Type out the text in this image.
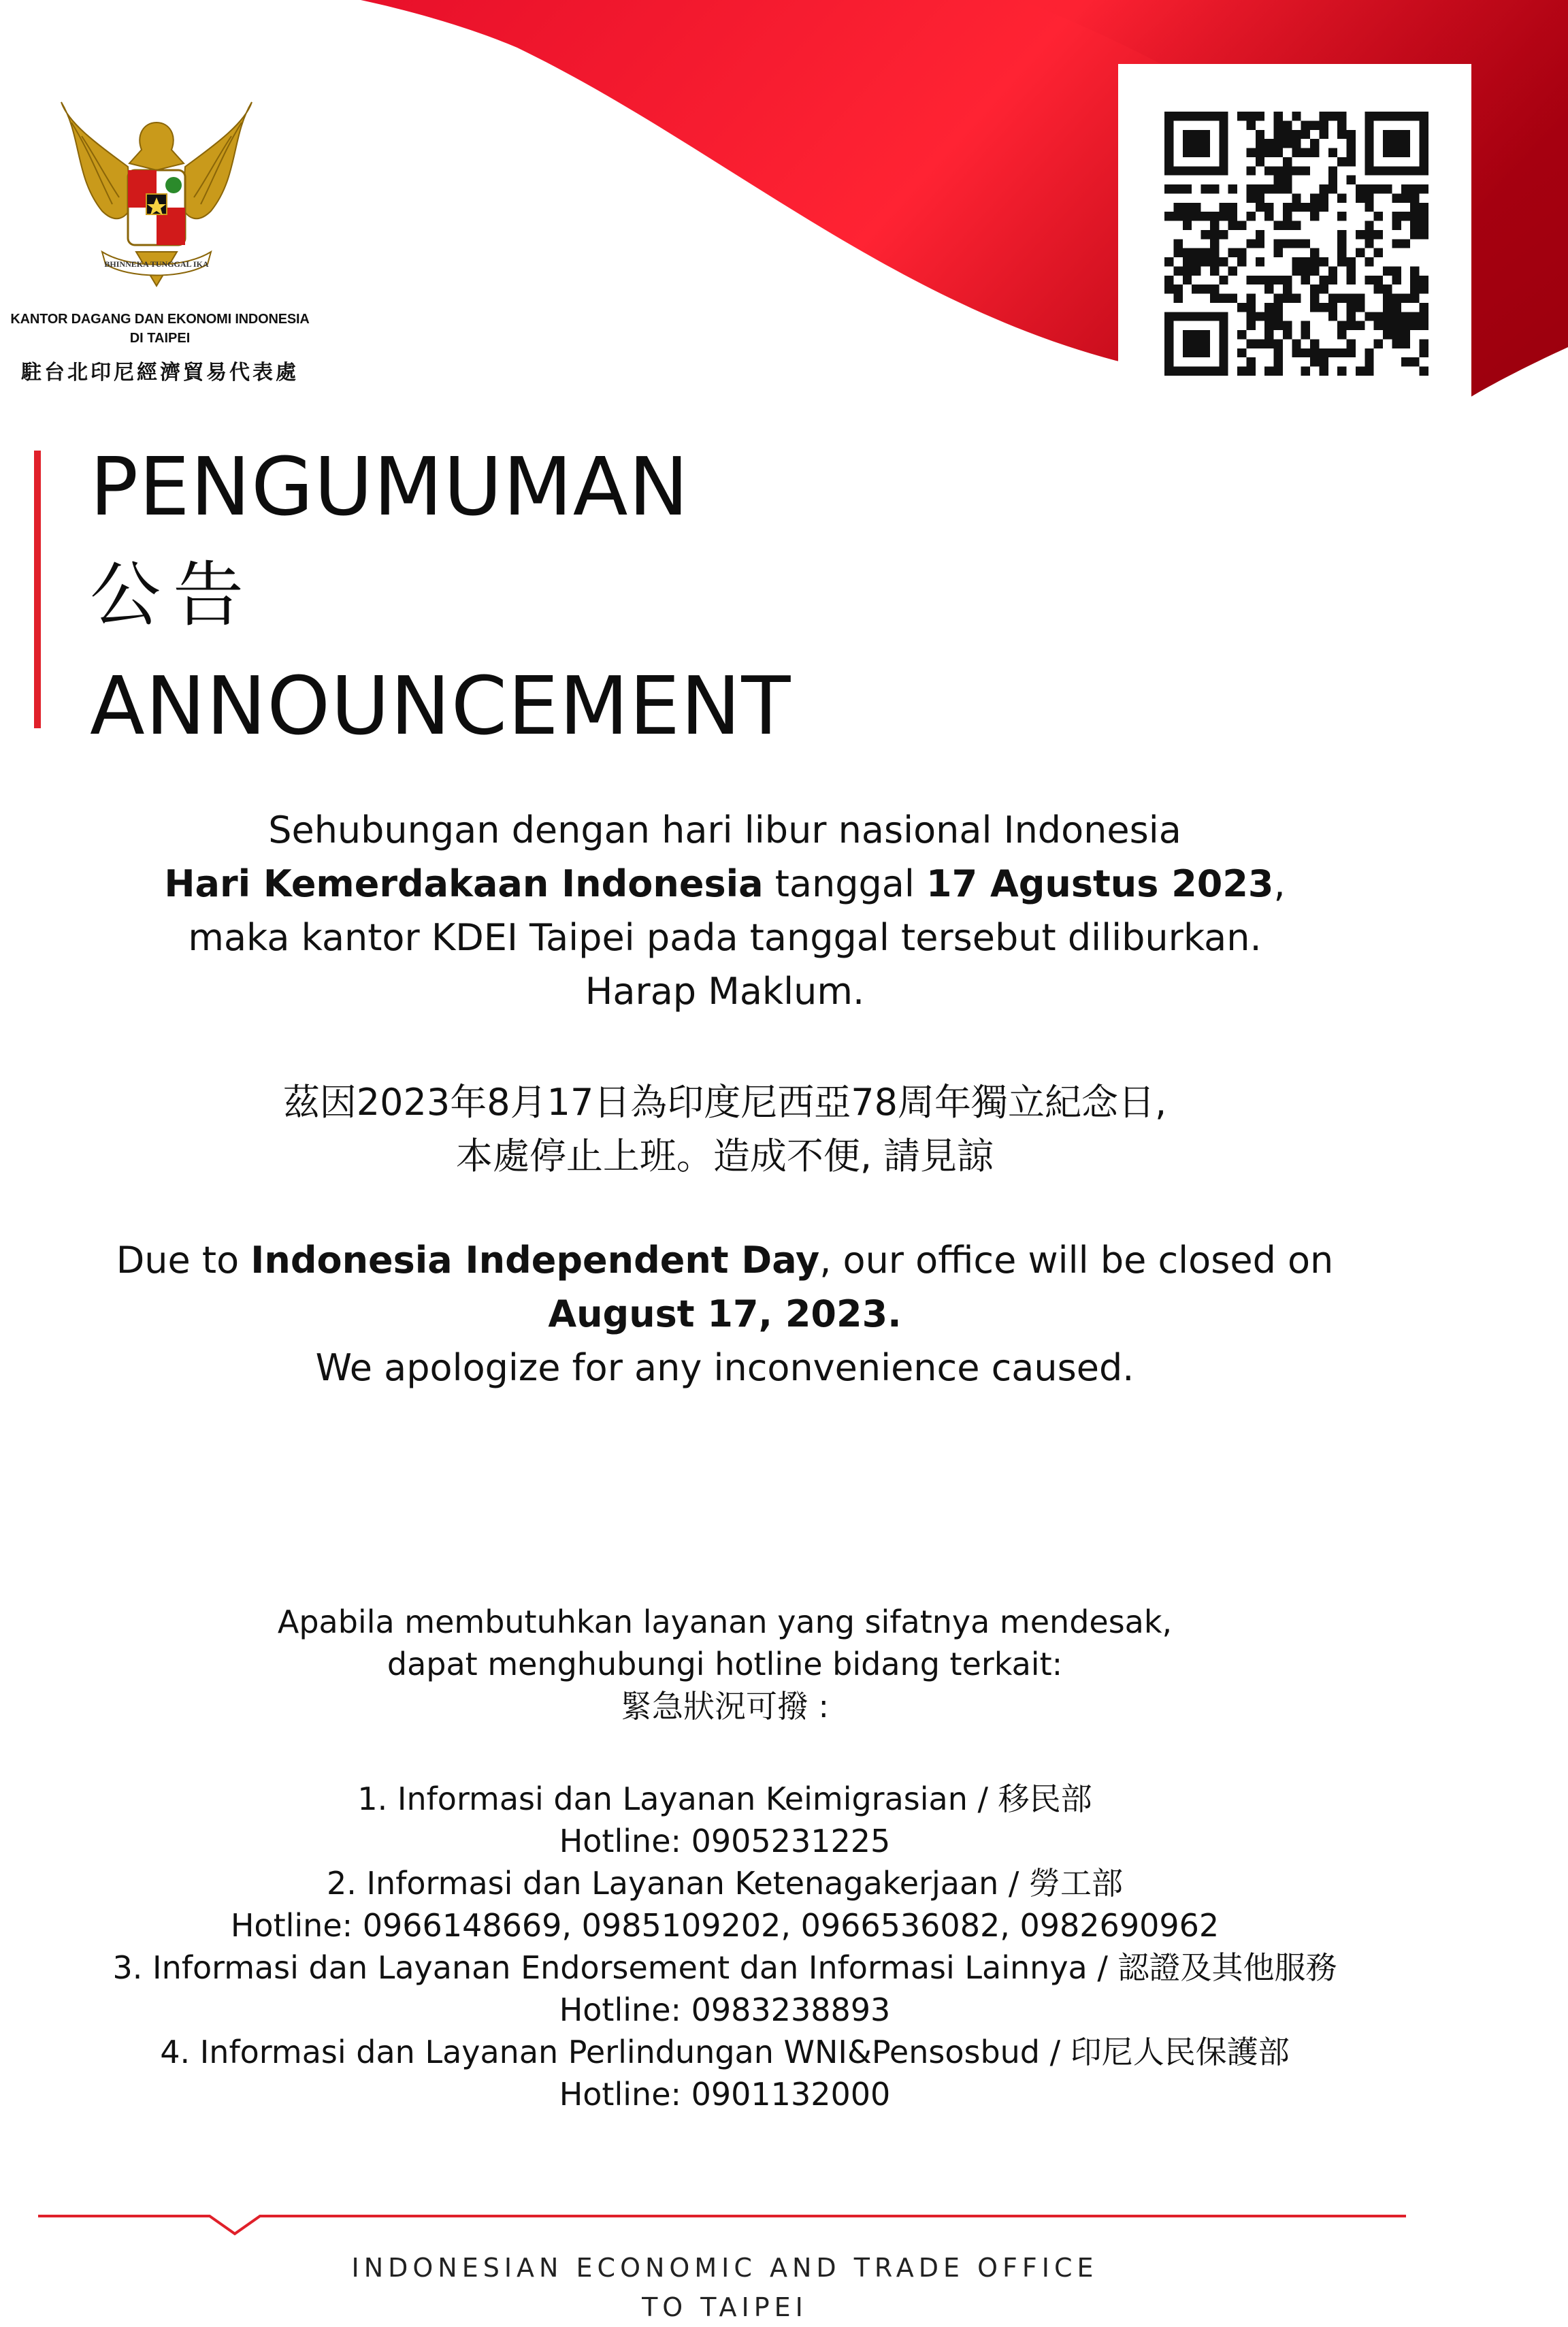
BHINNEKA TUNGGAL IKA
KANTOR DAGANG DAN EKONOMI INDONESIA
DI TAIPEI
駐台北印尼經濟貿易代表處
PENGUMUMAN
公告
ANNOUNCEMENT
Sehubungan dengan hari libur nasional Indonesia
Hari Kemerdakaan Indonesia tanggal 17 Agustus 2023,
maka kantor KDEI Taipei pada tanggal tersebut diliburkan.
Harap Maklum.
茲因2023年8月17日為印度尼西亞78周年獨立紀念日,
本處停止上班。造成不便, 請見諒
Due to Indonesia Independent Day, our office will be closed on
August 17, 2023.
We apologize for any inconvenience caused.
Apabila membutuhkan layanan yang sifatnya mendesak,
dapat menghubungi hotline bidang terkait:
緊急狀況可撥 :
1. Informasi dan Layanan Keimigrasian / 移民部
Hotline: 0905231225
2. Informasi dan Layanan Ketenagakerjaan / 勞工部
Hotline: 0966148669, 0985109202, 0966536082, 0982690962
3. Informasi dan Layanan Endorsement dan Informasi Lainnya / 認證及其他服務
Hotline: 0983238893
4. Informasi dan Layanan Perlindungan WNI&Pensosbud / 印尼人民保護部
Hotline: 0901132000
INDONESIAN ECONOMIC AND TRADE OFFICE
TO TAIPEI
